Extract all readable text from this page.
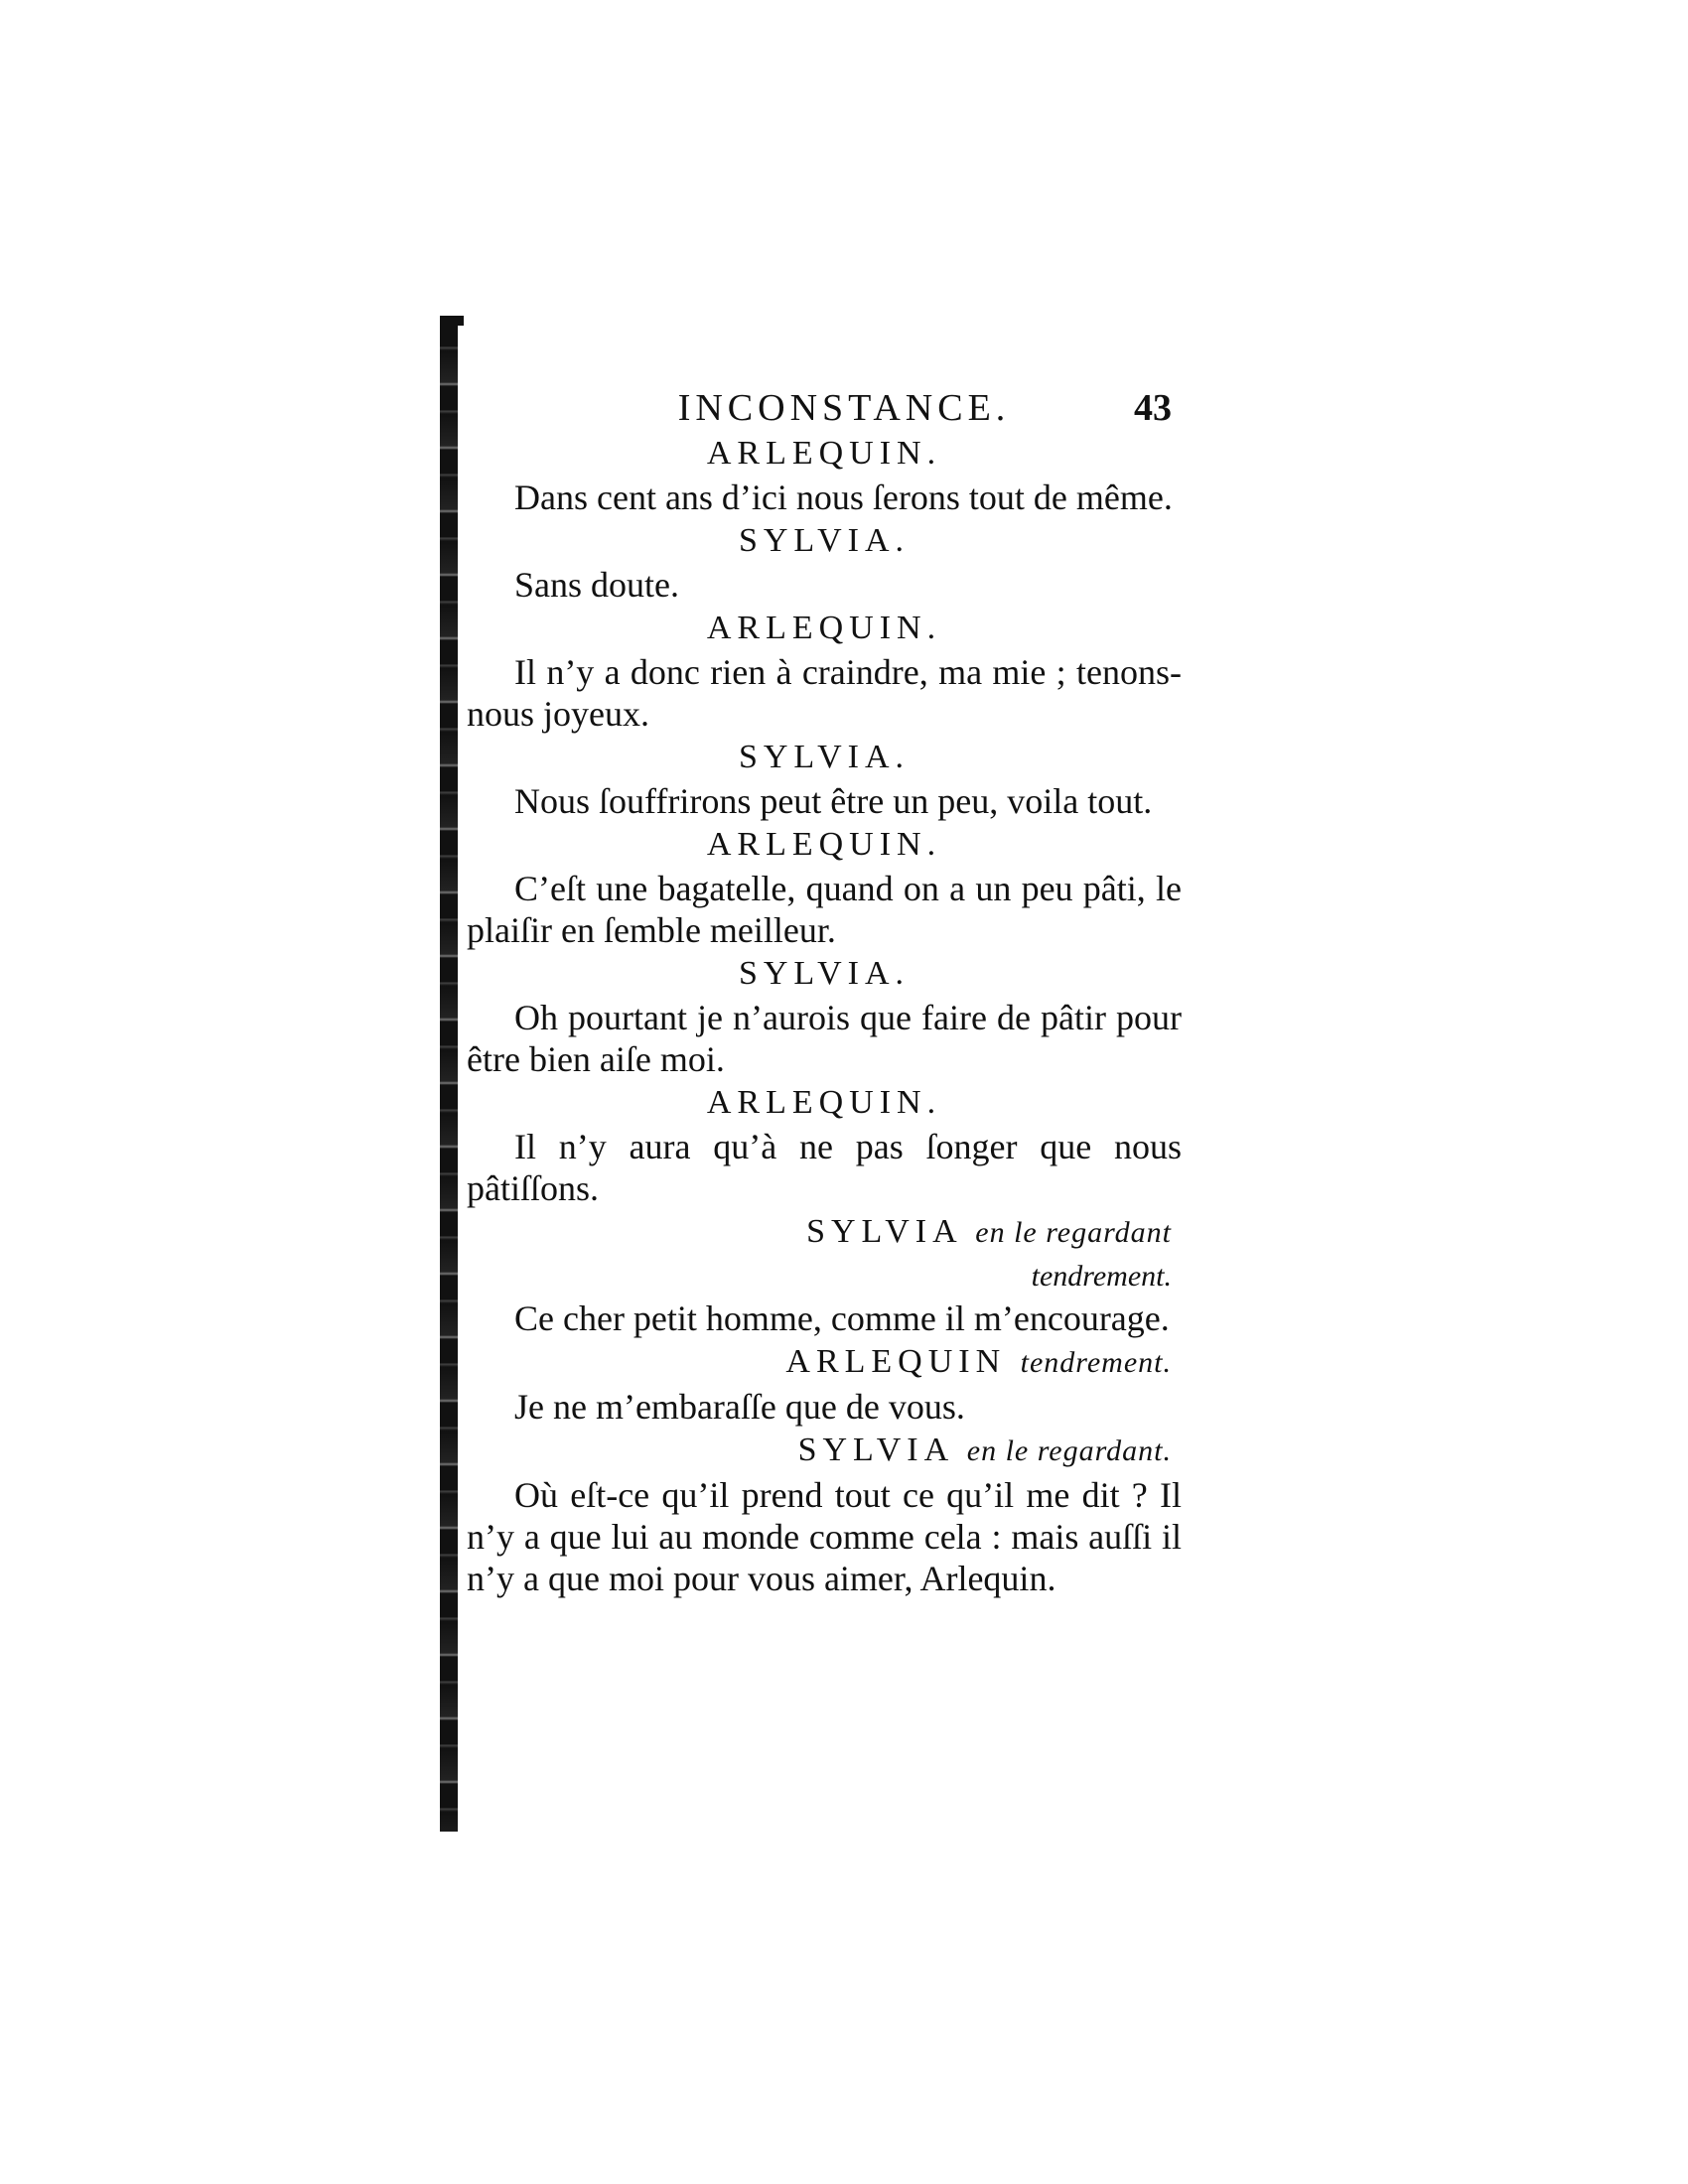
INCONSTANCE.	43
ARLEQUIN.

Dans cent ans d’ici nous ſerons tout de même.

SYLVIA.

Sans doute.

ARLEQUIN.

Il n’y a donc rien à craindre, ma mie ; tenons-nous joyeux.

SYLVIA.

Nous ſouffrirons peut être un peu, voila tout.

ARLEQUIN.

C’eſt une bagatelle, quand on a un peu pâti, le plaiſir en ſemble meilleur.

SYLVIA.

Oh pourtant je n’aurois que faire de pâtir pour être bien aiſe moi.

ARLEQUIN.

Il n’y aura qu’à ne pas ſonger que nous pâtiſſons.

SYLVIA en le regardant
tendrement.

Ce cher petit homme, comme il m’encourage.

ARLEQUIN tendrement.

Je ne m’embaraſſe que de vous.

SYLVIA en le regardant.

Où eſt-ce qu’il prend tout ce qu’il me dit ? Il n’y a que lui au monde comme cela : mais auſſi il n’y a que moi pour vous aimer, Arlequin.
